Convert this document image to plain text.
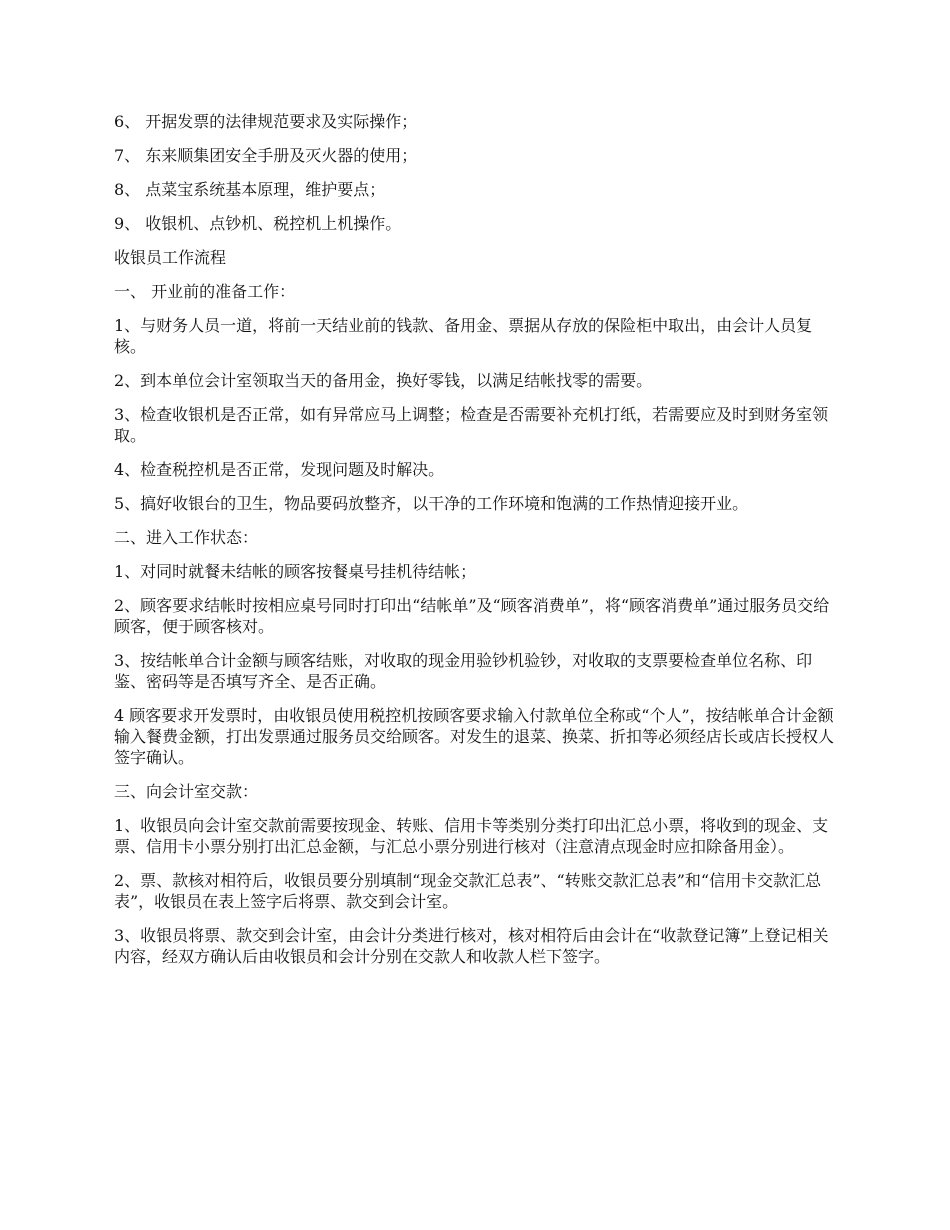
6、 开据发票的法律规范要求及实际操作；

7、 东来顺集团安全手册及灭火器的使用；

8、 点菜宝系统基本原理，维护要点；

9、 收银机、点钞机、税控机上机操作。

收银员工作流程

一、 开业前的准备工作：

1、与财务人员一道，将前一天结业前的钱款、备用金、票据从存放的保险柜中取出，由会计人员复核。

2、到本单位会计室领取当天的备用金，换好零钱，以满足结帐找零的需要。

3、检查收银机是否正常，如有异常应马上调整；检查是否需要补充机打纸，若需要应及时到财务室领取。

4、检查税控机是否正常，发现问题及时解决。

5、搞好收银台的卫生，物品要码放整齐，以干净的工作环境和饱满的工作热情迎接开业。

二、进入工作状态：

1、对同时就餐未结帐的顾客按餐桌号挂机待结帐；

2、顾客要求结帐时按相应桌号同时打印出“结帐单”及“顾客消费单”，将“顾客消费单”通过服务员交给顾客，便于顾客核对。

3、按结帐单合计金额与顾客结账，对收取的现金用验钞机验钞，对收取的支票要检查单位名称、印鉴、密码等是否填写齐全、是否正确。

4 顾客要求开发票时，由收银员使用税控机按顾客要求输入付款单位全称或“个人”，按结帐单合计金额输入餐费金额，打出发票通过服务员交给顾客。对发生的退菜、换菜、折扣等必须经店长或店长授权人签字确认。

三、向会计室交款：

1、收银员向会计室交款前需要按现金、转账、信用卡等类别分类打印出汇总小票，将收到的现金、支票、信用卡小票分别打出汇总金额，与汇总小票分别进行核对（注意清点现金时应扣除备用金）。

2、票、款核对相符后，收银员要分别填制“现金交款汇总表”、“转账交款汇总表”和“信用卡交款汇总表”，收银员在表上签字后将票、款交到会计室。

3、收银员将票、款交到会计室，由会计分类进行核对，核对相符后由会计在“收款登记簿”上登记相关内容，经双方确认后由收银员和会计分别在交款人和收款人栏下签字。
